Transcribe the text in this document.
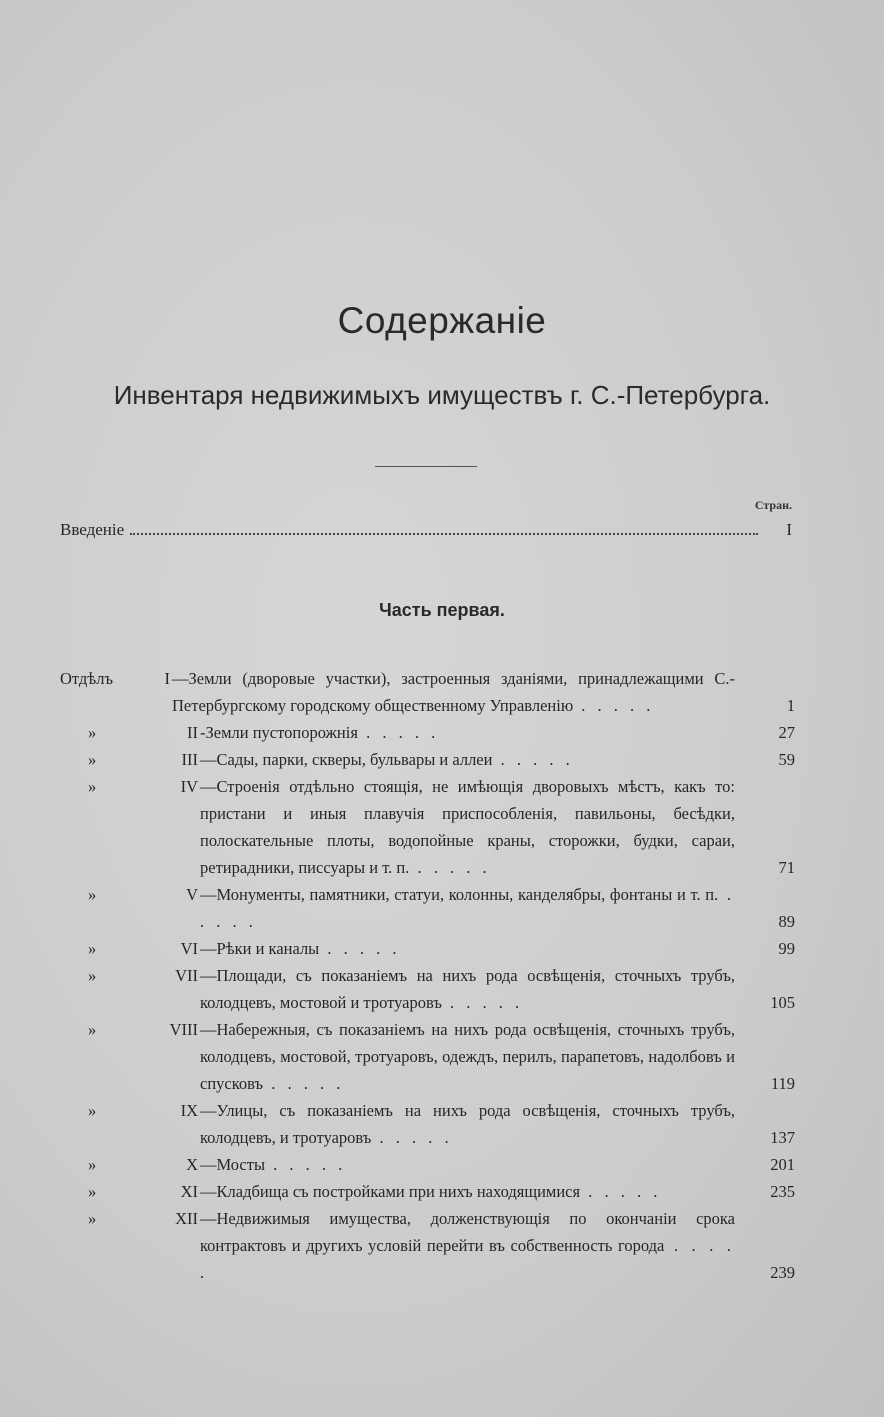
Содержаніе
Инвентаря недвижимыхъ имуществъ г. С.-Петербурга.
Стран.
Введеніе	I
Часть первая.
Отдѣлъ	I —Земли (дворовые участки), застроенныя зданіями, принадлежащими С.-Петербургскому городскому общественному Управленію . . . . .	1
»	II -Земли пустопорожнія . . . . .	27
»	III —Сады, парки, скверы, бульвары и аллеи . . . . .	59
»	IV —Строенія отдѣльно стоящія, не имѣющія дворовыхъ мѣстъ, какъ то: пристани и иныя плавучія приспособленія, павильоны, бесѣдки, полоскательные плоты, водопойные краны, сторожки, будки, сараи, ретирадники, писсуары и т. п. . . . . .	71
»	V —Монументы, памятники, статуи, колонны, канделябры, фонтаны и т. п. . . . . .	89
»	VI —Рѣки и каналы . . . . .	99
»	VII —Площади, съ показаніемъ на нихъ рода освѣщенія, сточныхъ трубъ, колодцевъ, мостовой и тротуаровъ . . . . .	105
»	VIII —Набережныя, съ показаніемъ на нихъ рода освѣщенія, сточныхъ трубъ, колодцевъ, мостовой, тротуаровъ, одеждъ, перилъ, парапетовъ, надолбовъ и спусковъ . . . . .	119
»	IX —Улицы, съ показаніемъ на нихъ рода освѣщенія, сточныхъ трубъ, колодцевъ, и тротуаровъ . . . . .	137
»	X —Мосты . . . . .	201
»	XI —Кладбища съ постройками при нихъ находящимися . . . . .	235
»	XII —Недвижимыя имущества, долженствующія по окончаніи срока контрактовъ и другихъ условій перейти въ собственность города . . . . .	239
